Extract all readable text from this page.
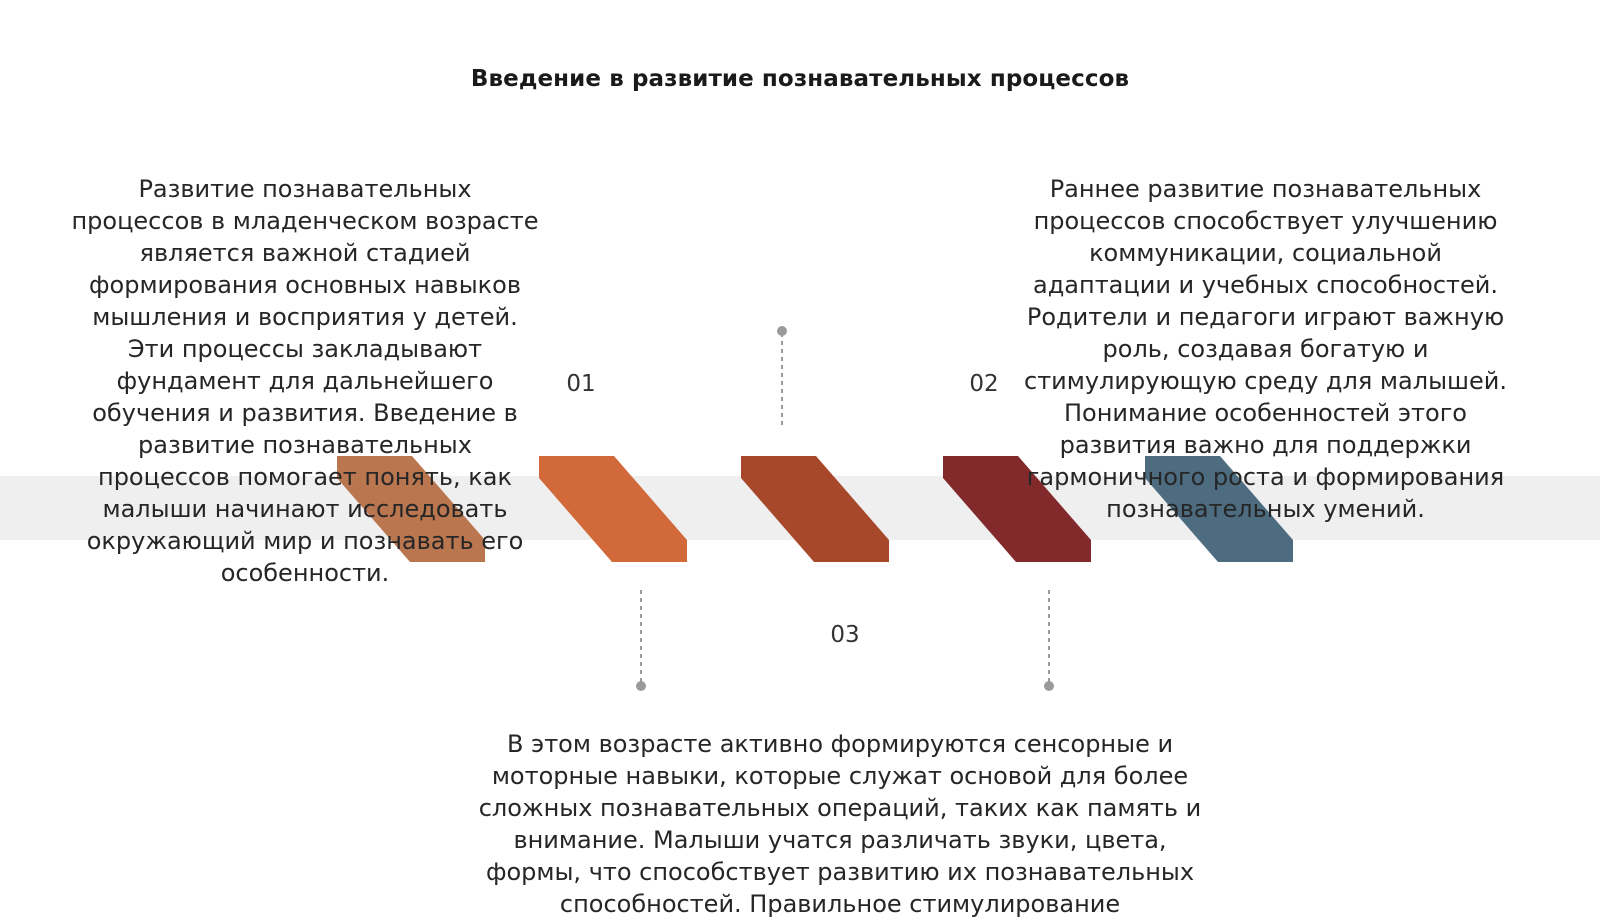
Введение в развитие познавательных процессов
01	02
03
Развитие познавательных процессов в младенческом возрасте является важной стадией формирования основных навыков мышления и восприятия у детей. Эти процессы закладывают фундамент для дальнейшего обучения и развития. Введение в развитие познавательных процессов помогает понять, как малыши начинают исследовать окружающий мир и познавать его особенности.
Раннее развитие познавательных процессов способствует улучшению коммуникации, социальной адаптации и учебных способностей. Родители и педагоги играют важную роль, создавая богатую и стимулирующую среду для малышей. Понимание особенностей этого развития важно для поддержки гармоничного роста и формирования познавательных умений.
В этом возрасте активно формируются сенсорные и моторные навыки, которые служат основой для более сложных познавательных операций, таких как память и внимание. Малыши учатся различать звуки, цвета, формы, что способствует развитию их познавательных способностей. Правильное стимулирование
